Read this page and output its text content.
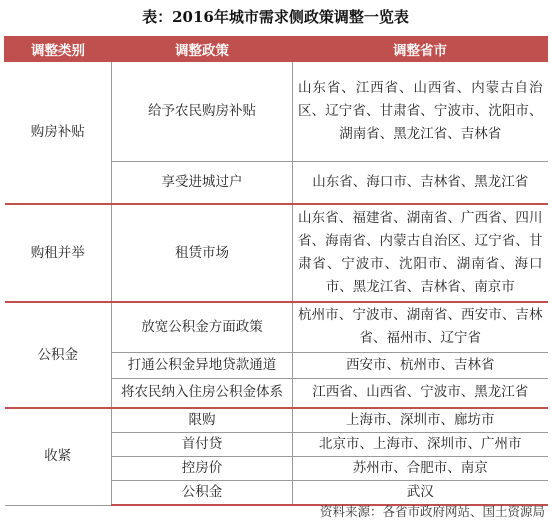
表：2016年城市需求侧政策调整一览表
调整类别	调整政策	调整省市
购房补贴	给予农民购房补贴	山东省、江西省、山西省、内蒙古自治区、辽宁省、甘肃省、宁波市、沈阳市、湖南省、黑龙江省、吉林省
	享受进城过户	山东省、海口市、吉林省、黑龙江省
购租并举	租赁市场	山东省、福建省、湖南省、广西省、四川省、海南省、内蒙古自治区、辽宁省、甘肃省、宁波市、沈阳市、湖南省、海口市、黑龙江省、吉林省、南京市
公积金	放宽公积金方面政策	杭州市、宁波市、湖南省、西安市、吉林省、福州市、辽宁省
	打通公积金异地贷款通道	西安市、杭州市、吉林省
	将农民纳入住房公积金体系	江西省、山西省、宁波市、黑龙江省
收紧	限购	上海市、深圳市、廊坊市
	首付贷	北京市、上海市、深圳市、广州市
	控房价	苏州市、合肥市、南京
	公积金	武汉
资料来源：各省市政府网站、国土资源局
